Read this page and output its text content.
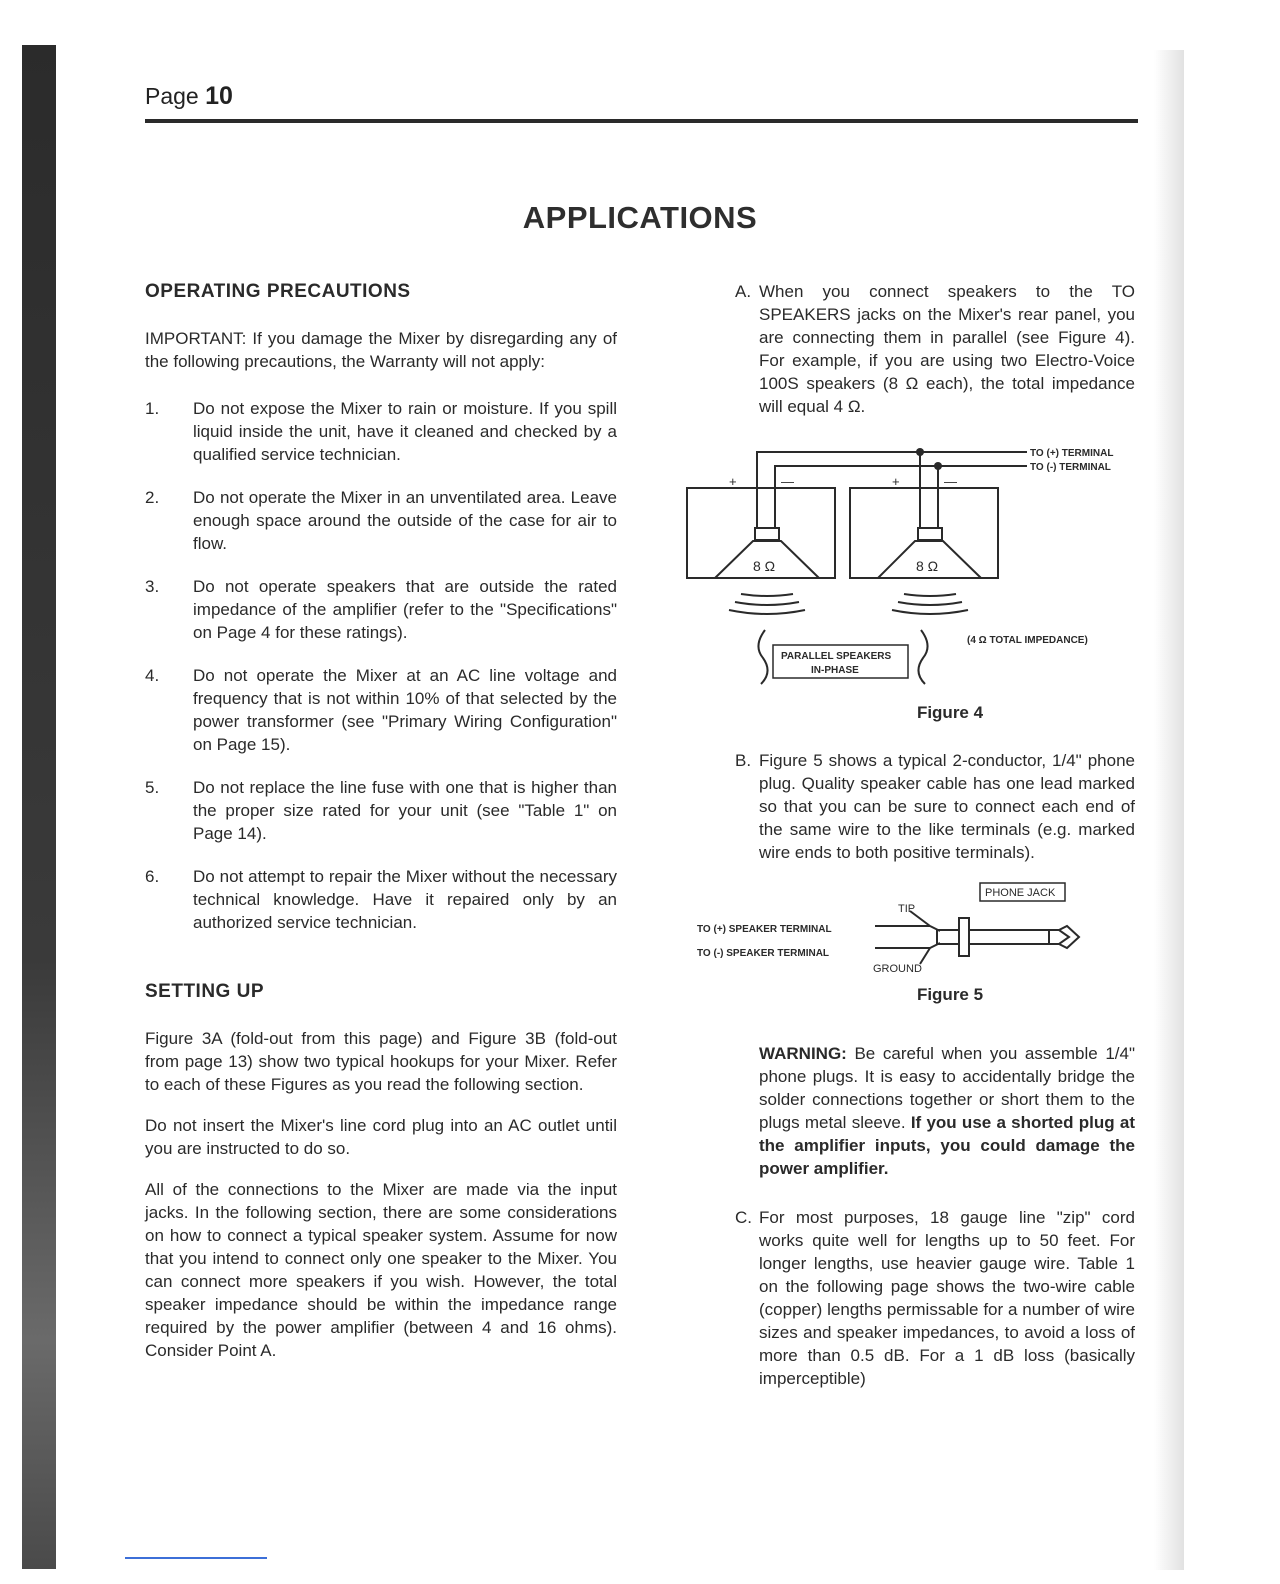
Page 10
APPLICATIONS
OPERATING PRECAUTIONS

IMPORTANT: If you damage the Mixer by disregarding any of the following precautions, the Warranty will not apply:

1.	Do not expose the Mixer to rain or moisture. If you spill liquid inside the unit, have it cleaned and checked by a qualified service technician.
2.	Do not operate the Mixer in an unventilated area. Leave enough space around the outside of the case for air to flow.
3.	Do not operate speakers that are outside the rated impedance of the amplifier (refer to the "Specifications" on Page 4 for these ratings).
4.	Do not operate the Mixer at an AC line voltage and frequency that is not within 10% of that selected by the power transformer (see "Primary Wiring Configuration" on Page 15).
5.	Do not replace the line fuse with one that is higher than the proper size rated for your unit (see "Table 1" on Page 14).
6.	Do not attempt to repair the Mixer without the necessary technical knowledge. Have it repaired only by an authorized service technician.
SETTING UP

Figure 3A (fold-out from this page) and Figure 3B (fold-out from page 13) show two typical hookups for your Mixer. Refer to each of these Figures as you read the following section.

Do not insert the Mixer's line cord plug into an AC outlet until you are instructed to do so.

All of the connections to the Mixer are made via the input jacks. In the following section, there are some considerations on how to connect a typical speaker system. Assume for now that you intend to connect only one speaker to the Mixer. You can connect more speakers if you wish. However, the total speaker impedance should be within the impedance range required by the power amplifier (between 4 and 16 ohms). Consider Point A.

A. When you connect speakers to the TO SPEAKERS jacks on the Mixer's rear panel, you are connecting them in parallel (see Figure 4). For example, if you are using two Electro-Voice 100S speakers (8 Ω each), the total impedance will equal 4 Ω.
+	—	+	—
8 Ω	8 Ω
TO (+) TERMINAL
TO (-) TERMINAL
PARALLEL SPEAKERS
IN-PHASE
(4 Ω TOTAL IMPEDANCE)
Figure 4
B. Figure 5 shows a typical 2-conductor, 1/4" phone plug. Quality speaker cable has one lead marked so that you can be sure to connect each end of the same wire to the like terminals (e.g. marked wire ends to both positive terminals).
TO (+) SPEAKER TERMINAL
TO (-) SPEAKER TERMINAL
TIP
GROUND
PHONE JACK
Figure 5

WARNING: Be careful when you assemble 1/4" phone plugs. It is easy to accidentally bridge the solder connections together or short them to the plugs metal sleeve. If you use a shorted plug at the amplifier inputs, you could damage the power amplifier.

C. For most purposes, 18 gauge line "zip" cord works quite well for lengths up to 50 feet. For longer lengths, use heavier gauge wire. Table 1 on the following page shows the two-wire cable (copper) lengths permissable for a number of wire sizes and speaker impedances, to avoid a loss of more than 0.5 dB. For a 1 dB loss (basically imperceptible)
